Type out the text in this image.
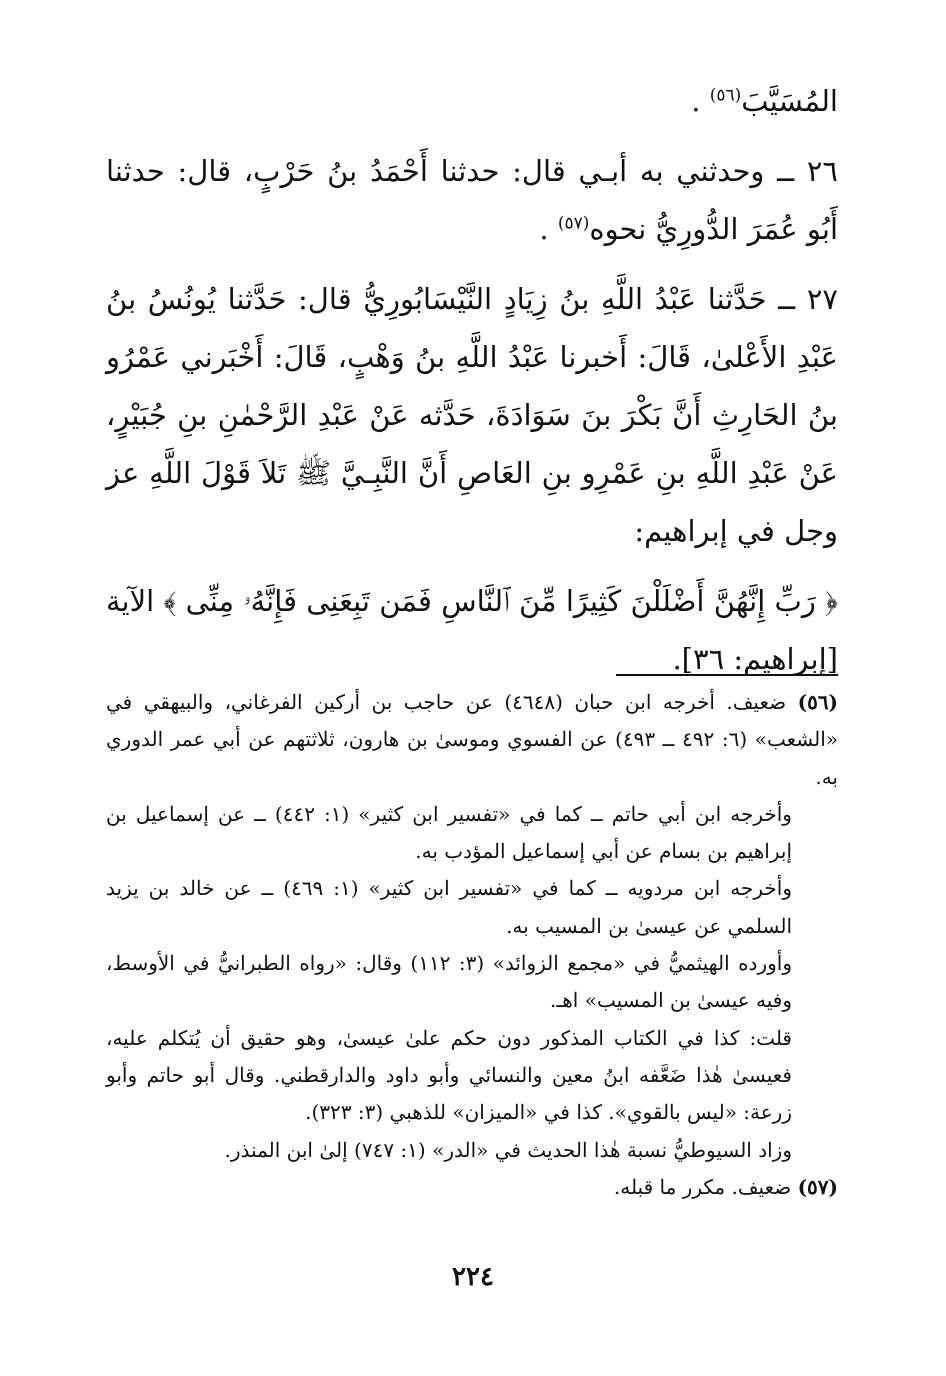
المُسَيَّبَ$^{(٥٦)}$ .

٢٦ ــ وحدثني به أبـي قال: حدثنا أَحْمَدُ بنُ حَرْبٍ، قال: حدثنا أَبُو عُمَرَ الدُّورِيُّ نحوه$^{(٥٧)}$ .

٢٧ ــ حَدَّثنا عَبْدُ اللَّهِ بنُ زِيَادٍ النَّيْسَابُورِيُّ قال: حَدَّثنا يُونُسُ بنُ عَبْدِ الأَعْلىٰ، قَالَ: أَخبرنا عَبْدُ اللَّهِ بنُ وَهْبٍ، قَالَ: أَخْبَرني عَمْرُو بنُ الحَارِثِ أَنَّ بَكْرَ بنَ سَوَادَةَ، حَدَّثه عَنْ عَبْدِ الرَّحْمٰنِ بنِ جُبَيْرٍ، عَنْ عَبْدِ اللَّهِ بنِ عَمْرِو بنِ العَاصِ أَنَّ النَّبِـيَّ ﷺ تَلاَ قَوْلَ اللَّهِ عز وجل في إبراهيم:

﴿ رَبِّ إِنَّهُنَّ أَضْلَلْنَ كَثِيرًا مِّنَ ٱلنَّاسِ فَمَن تَبِعَنِى فَإِنَّهُۥ مِنِّى ﴾ الآية [إبراهيم: ٣٦].

(٥٦) ضعيف. أخرجه ابن حبان (٤٦٤٨) عن حاجب بن أركين الفرغاني، والبيهقي في «الشعب» (٦: ٤٩٢ ــ ٤٩٣) عن الفسوي وموسىٰ بن هارون، ثلاثتهم عن أبي عمر الدوري به.

وأخرجه ابن أبي حاتم ــ كما في «تفسير ابن كثير» (١: ٤٤٢) ــ عن إسماعيل بن إبراهيم بن بسام عن أبي إسماعيل المؤدب به.

وأخرجه ابن مردويه ــ كما في «تفسير ابن كثير» (١: ٤٦٩) ــ عن خالد بن يزيد السلمي عن عيسىٰ بن المسيب به.

وأورده الهيثميُّ في «مجمع الزوائد» (٣: ١١٢) وقال: «رواه الطبرانيُّ في الأوسط، وفيه عيسىٰ بن المسيب» اهـ.

قلت: كذا في الكتاب المذكور دون حكم علىٰ عيسىٰ، وهو حقيق أن يُتكلم عليه، فعيسىٰ هٰذا ضَعَّفه ابنُ معين والنسائي وأبو داود والدارقطني. وقال أبو حاتم وأبو زرعة: «ليس بالقوي». كذا في «الميزان» للذهبي (٣: ٣٢٣).

وزاد السيوطيُّ نسبة هٰذا الحديث في «الدر» (١: ٧٤٧) إلىٰ ابن المنذر.

(٥٧) ضعيف. مكرر ما قبله.

٢٢٤
